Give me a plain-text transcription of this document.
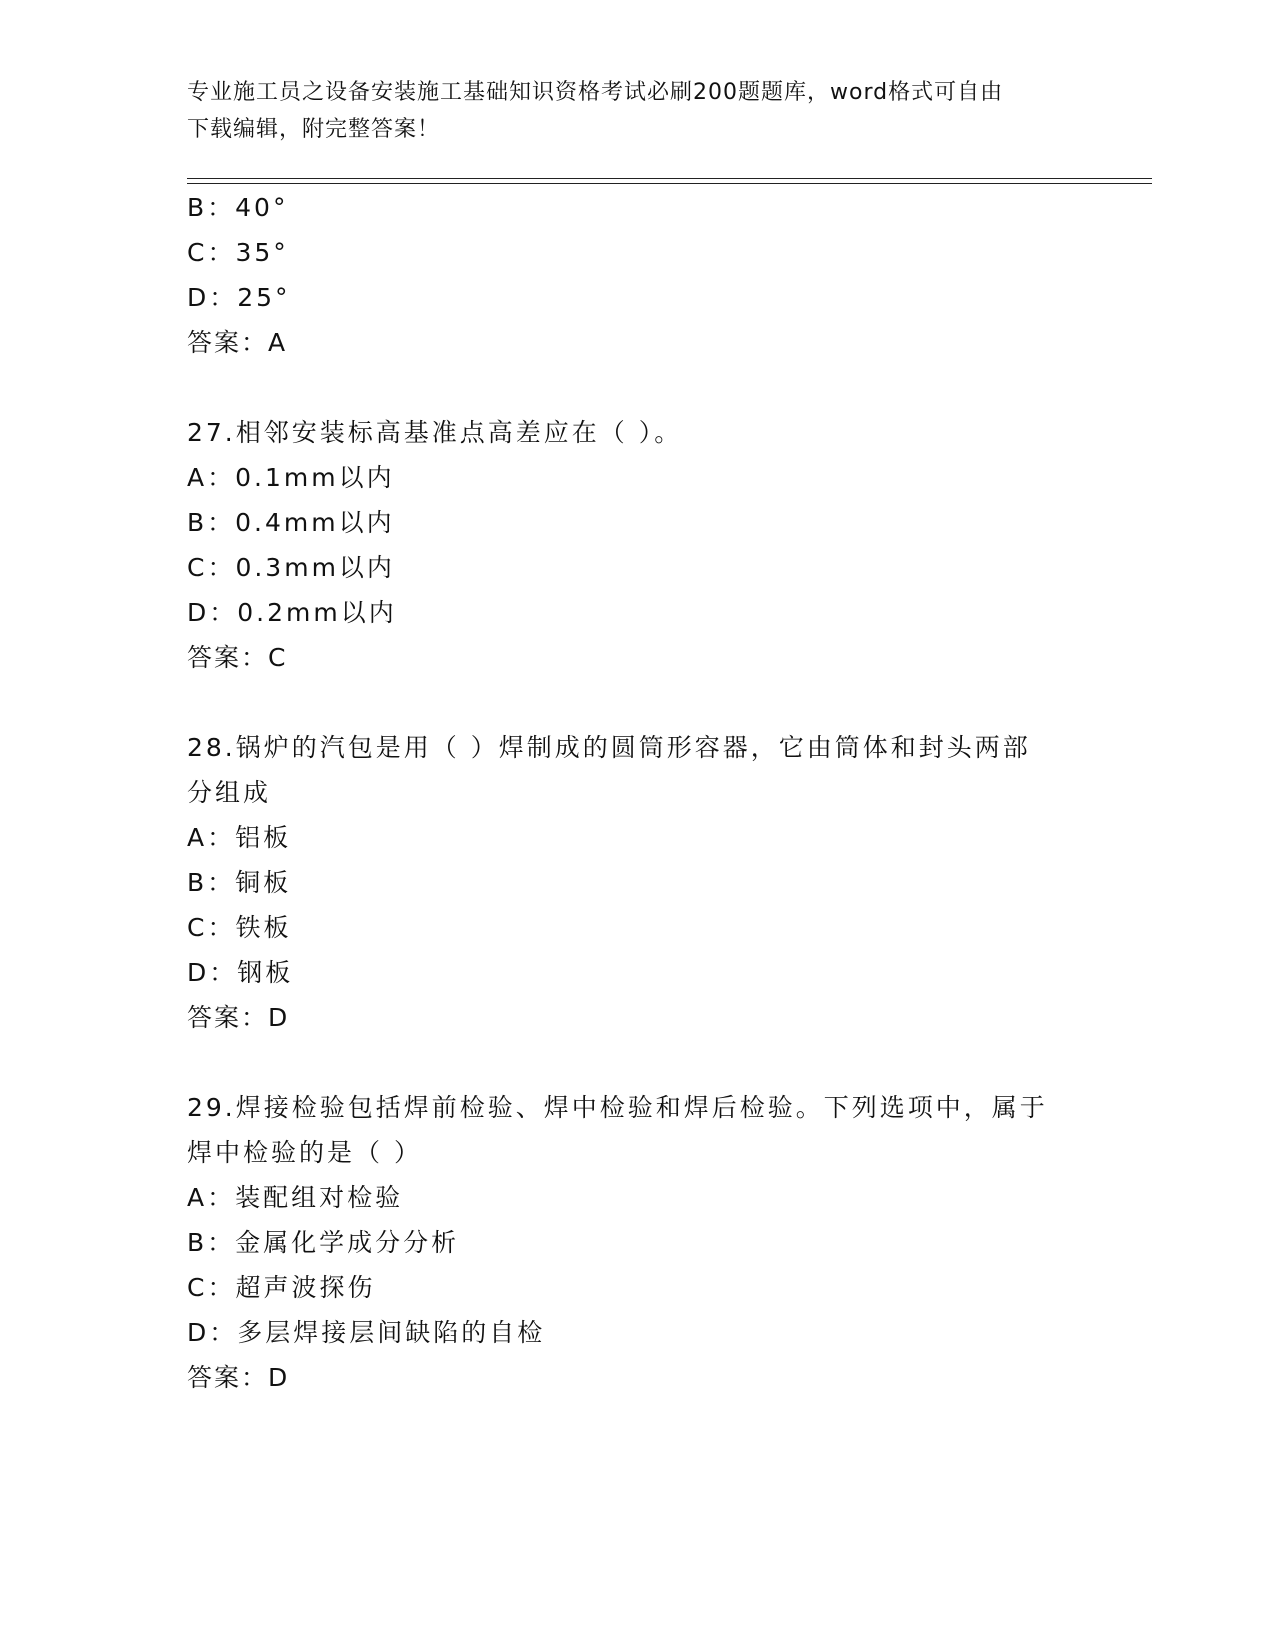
专业施工员之设备安装施工基础知识资格考试必刷200题题库，word格式可自由
下载编辑，附完整答案！
B：40°
C：35°
D：25°
答案：A
27.相邻安装标高基准点高差应在（ ）。
A：0.1mm以内
B：0.4mm以内
C：0.3mm以内
D：0.2mm以内
答案：C
28.锅炉的汽包是用（ ）焊制成的圆筒形容器，它由筒体和封头两部
分组成
A：铝板
B：铜板
C：铁板
D：钢板
答案：D
29.焊接检验包括焊前检验、焊中检验和焊后检验。下列选项中，属于
焊中检验的是（ ）
A：装配组对检验
B：金属化学成分分析
C：超声波探伤
D：多层焊接层间缺陷的自检
答案：D
